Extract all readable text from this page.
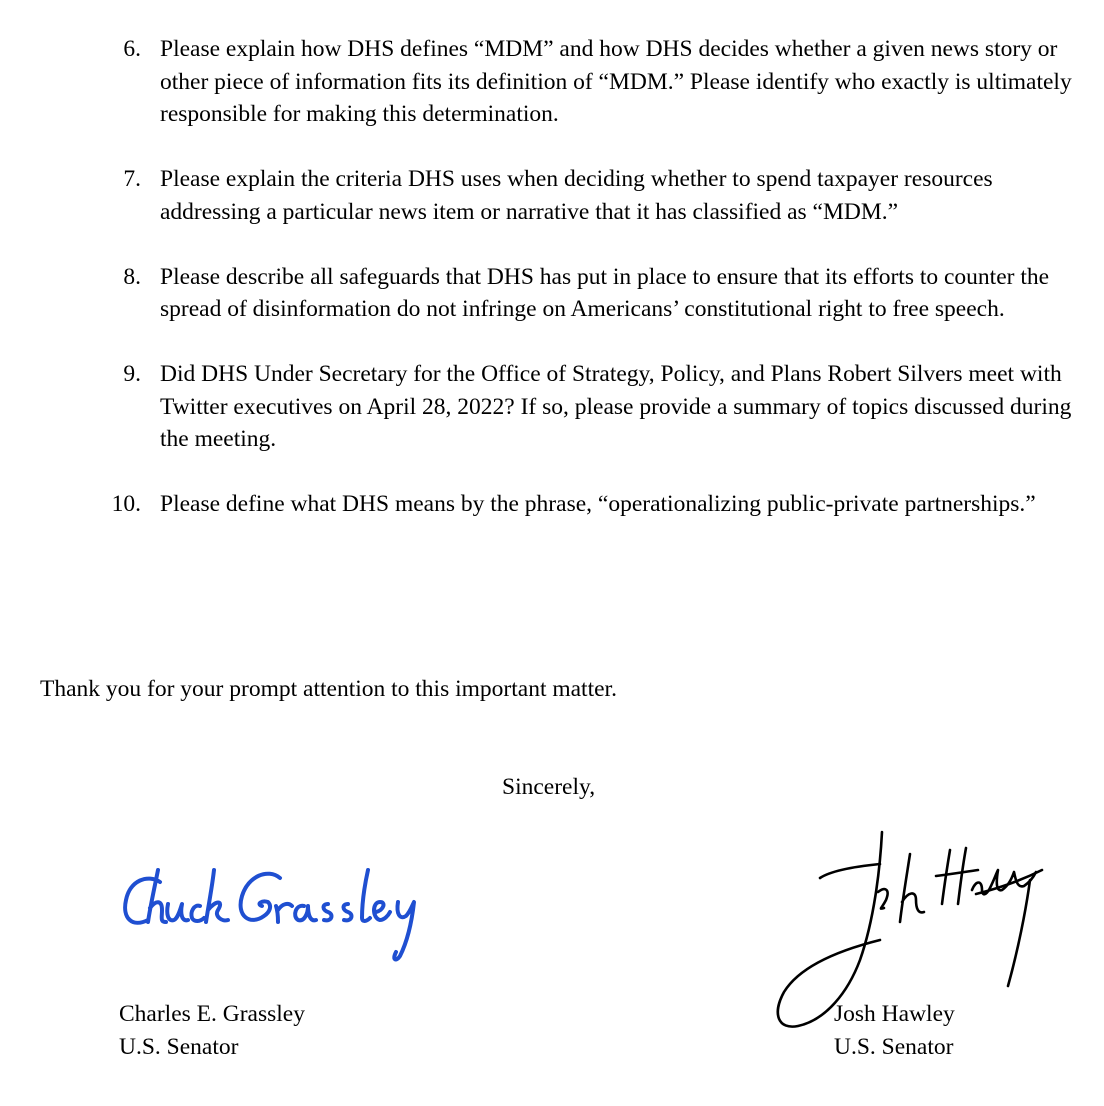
6. Please explain how DHS defines “MDM” and how DHS decides whether a given news story or other piece of information fits its definition of “MDM.” Please identify who exactly is ultimately responsible for making this determination.
7. Please explain the criteria DHS uses when deciding whether to spend taxpayer resources addressing a particular news item or narrative that it has classified as “MDM.”
8. Please describe all safeguards that DHS has put in place to ensure that its efforts to counter the spread of disinformation do not infringe on Americans’ constitutional right to free speech.
9. Did DHS Under Secretary for the Office of Strategy, Policy, and Plans Robert Silvers meet with Twitter executives on April 28, 2022? If so, please provide a summary of topics discussed during the meeting.
10. Please define what DHS means by the phrase, “operationalizing public-private partnerships.”

Thank you for your prompt attention to this important matter.

Sincerely,

Charles E. Grassley
U.S. Senator
Josh Hawley
U.S. Senator
